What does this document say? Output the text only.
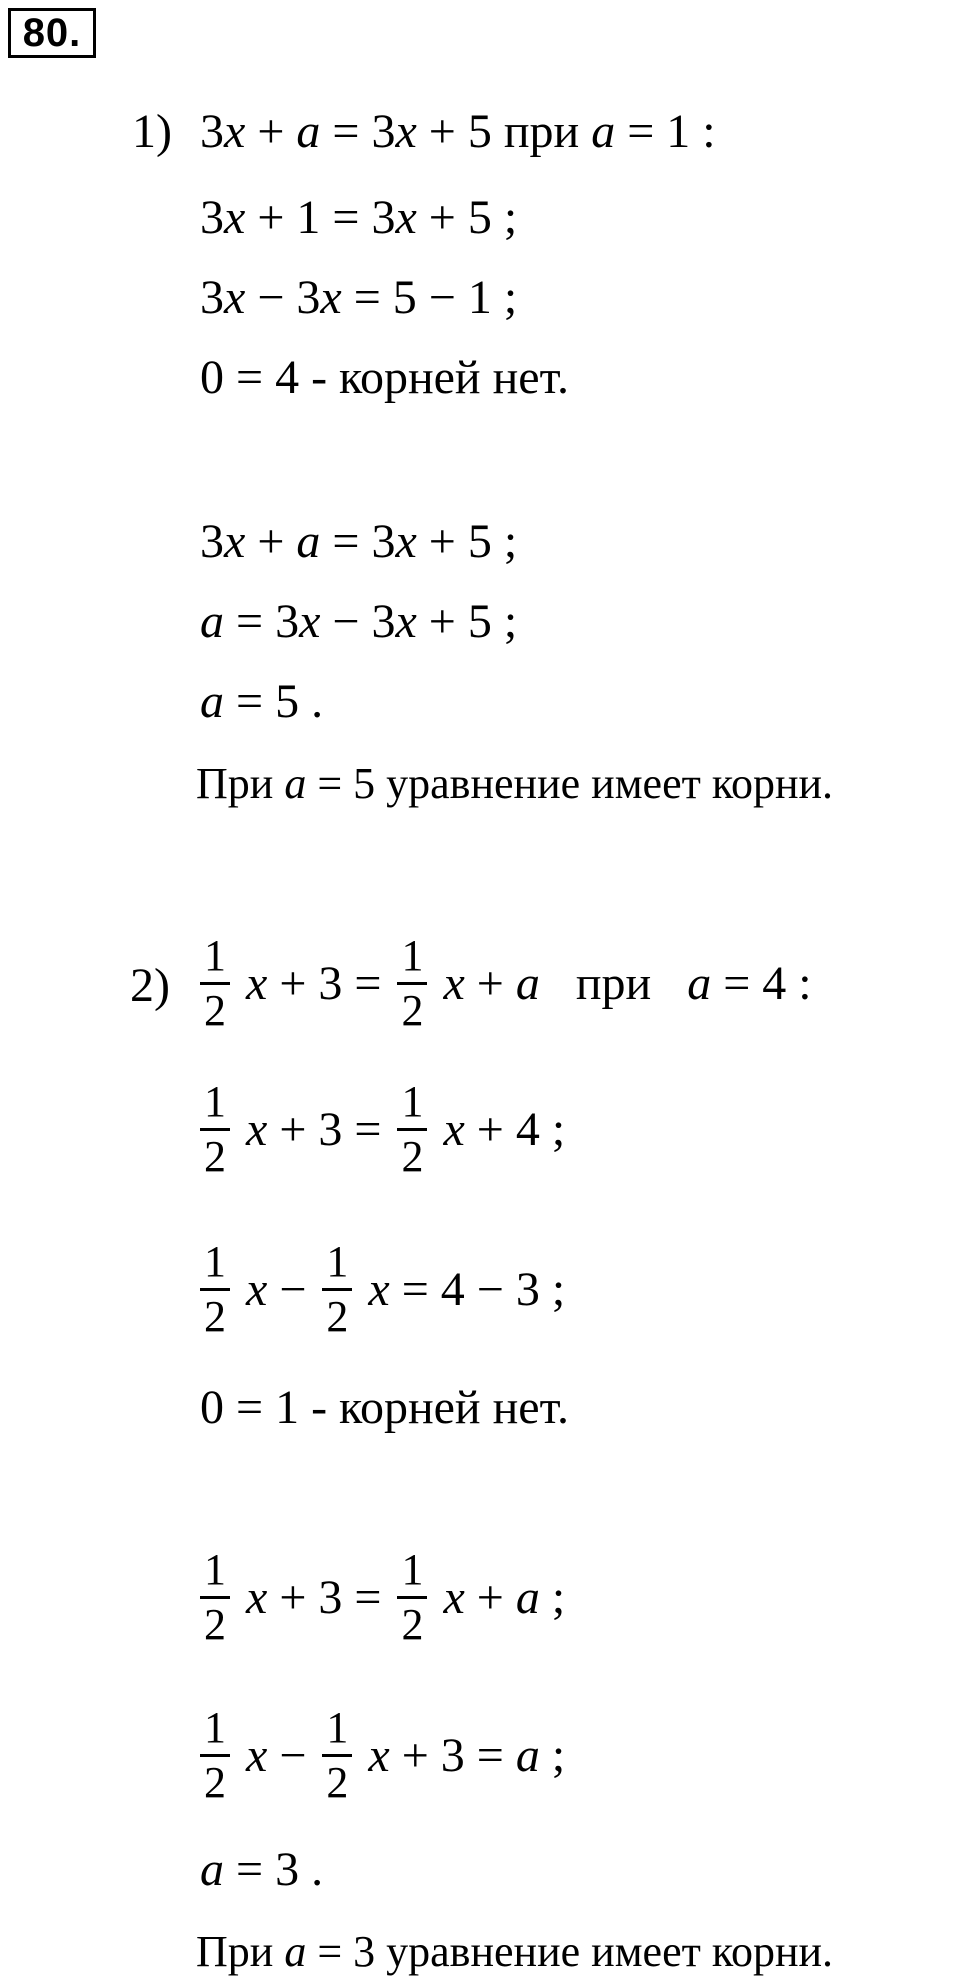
80.
1) 3x + a = 3x + 5 при a = 1 :
3x + 1 = 3x + 5 ;
3x − 3x = 5 − 1 ;
0 = 4 - корней нет.
3x + a = 3x + 5 ;
a = 3x − 3x + 5 ;
a = 5 .
При a = 5 уравнение имеет корни.
$2) \frac{1}{2}$ $x + 3 = \frac{1}{2}$ x + a   при   a = 4 :
$\frac{1}{2}$ $x + 3 = \frac{1}{2}$ x + 4 ;
$\frac{1}{2}$ $x - \frac{1}{2}$ x = 4 − 3 ;
0 = 1 - корней нет.
$\frac{1}{2}$ $x + 3 = \frac{1}{2}$ x + a ;
$\frac{1}{2}$ $x - \frac{1}{2}$ x + 3 = a ;
a = 3 .
При a = 3 уравнение имеет корни.
